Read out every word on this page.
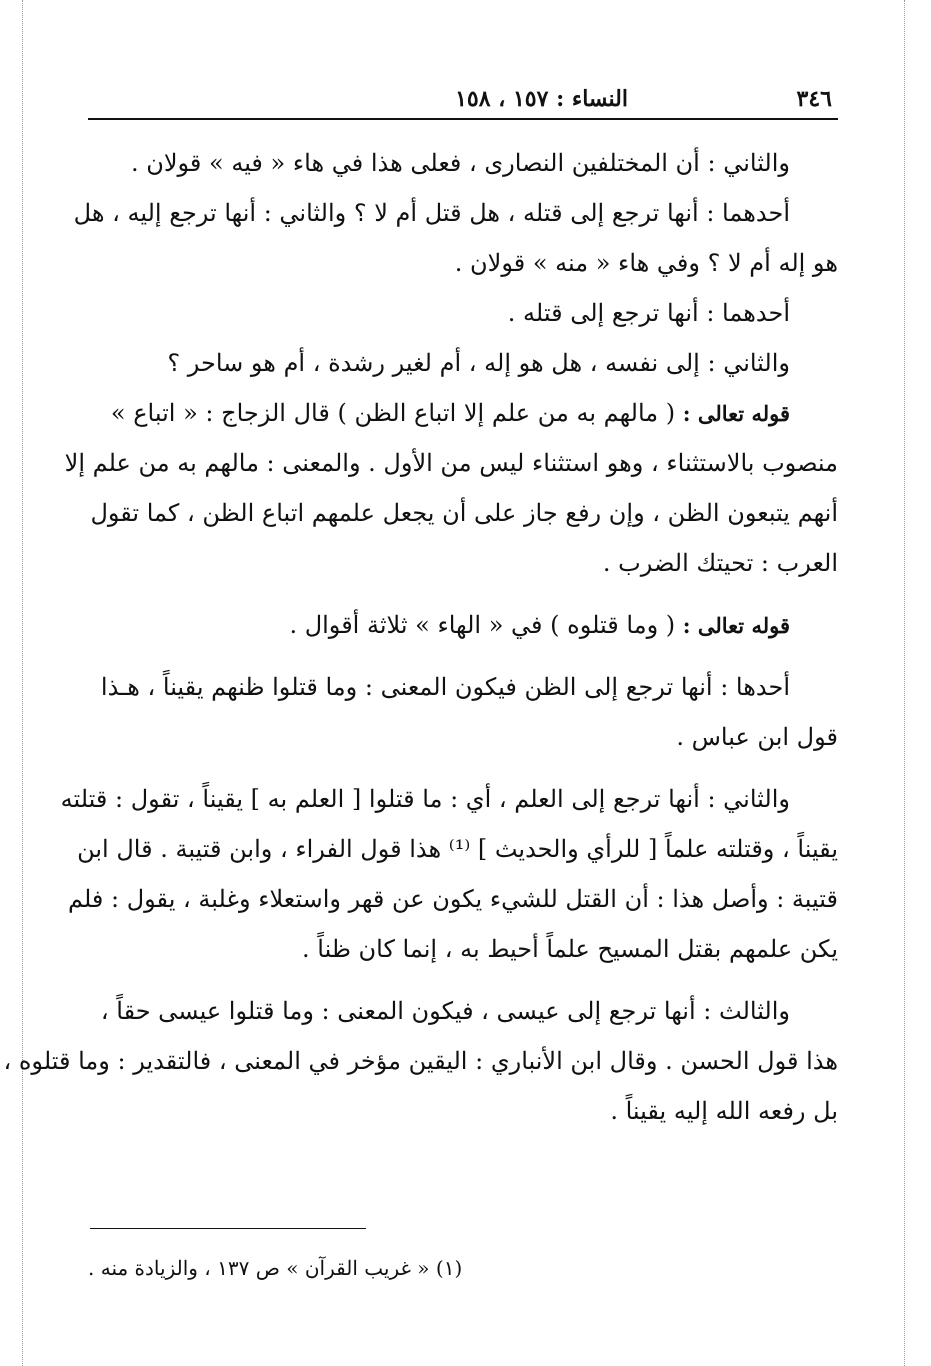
٣٤٦
النساء : ١٥٧ ، ١٥٨
والثاني : أن المختلفين النصارى ، فعلى هذا في هاء « فيه » قولان .
أحدهما : أنها ترجع إلى قتله ، هل قتل أم لا ؟ والثاني : أنها ترجع إليه ، هل
هو إله أم لا ؟ وفي هاء « منه » قولان .
أحدهما : أنها ترجع إلى قتله .
والثاني : إلى نفسه ، هل هو إله ، أم لغير رشدة ، أم هو ساحر ؟
قوله تعالى : ( مالهم به من علم إلا اتباع الظن ) قال الزجاج : « اتباع »
منصوب بالاستثناء ، وهو استثناء ليس من الأول . والمعنى : مالهم به من علم إلا
أنهم يتبعون الظن ، وإن رفع جاز على أن يجعل علمهم اتباع الظن ، كما تقول
العرب : تحيتك الضرب .
قوله تعالى : ( وما قتلوه ) في « الهاء » ثلاثة أقوال .
أحدها : أنها ترجع إلى الظن فيكون المعنى : وما قتلوا ظنهم يقيناً ، هـذا
قول ابن عباس .
والثاني : أنها ترجع إلى العلم ، أي : ما قتلوا [ العلم به ] يقيناً ، تقول : قتلته
يقيناً ، وقتلته علماً [ للرأي والحديث ] ⁽¹⁾ هذا قول الفراء ، وابن قتيبة . قال ابن
قتيبة : وأصل هذا : أن القتل للشيء يكون عن قهر واستعلاء وغلبة ، يقول : فلم
يكن علمهم بقتل المسيح علماً أحيط به ، إنما كان ظناً .
والثالث : أنها ترجع إلى عيسى ، فيكون المعنى : وما قتلوا عيسى حقاً ،
هذا قول الحسن . وقال ابن الأنباري : اليقين مؤخر في المعنى ، فالتقدير : وما قتلوه ،
بل رفعه الله إليه يقيناً .
(١) « غريب القرآن » ص ١٣٧ ، والزيادة منه .
